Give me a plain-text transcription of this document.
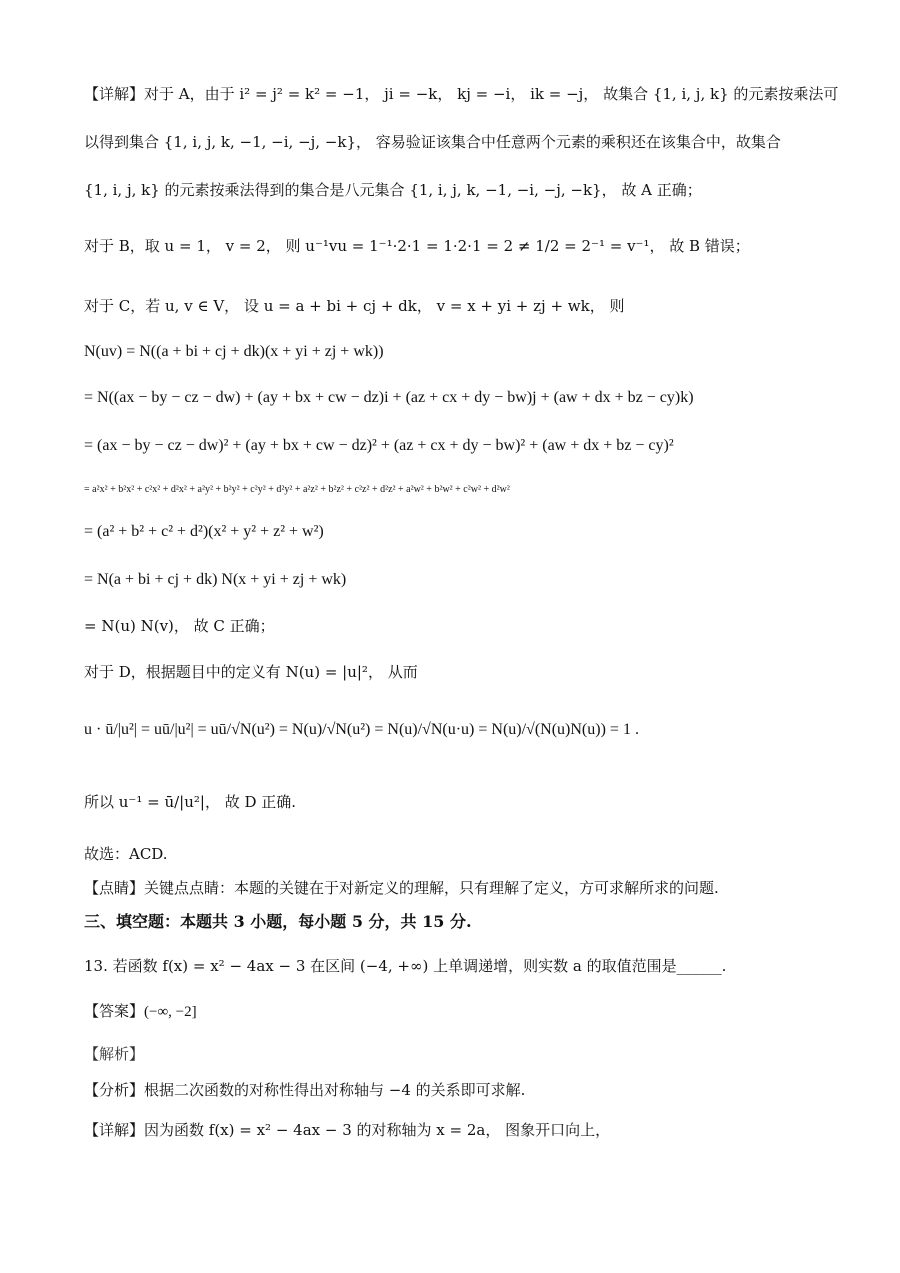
【详解】对于 A，由于 i² = j² = k² = −1， ji = −k， kj = −i， ik = −j， 故集合 {1, i, j, k} 的元素按乘法可
以得到集合 {1, i, j, k, −1, −i, −j, −k}， 容易验证该集合中任意两个元素的乘积还在该集合中，故集合
{1, i, j, k} 的元素按乘法得到的集合是八元集合 {1, i, j, k, −1, −i, −j, −k}， 故 A 正确；
对于 B，取 u = 1， v = 2， 则 u⁻¹vu = 1⁻¹·2·1 = 1·2·1 = 2 ≠ 1/2 = 2⁻¹ = v⁻¹， 故 B 错误；
对于 C，若 u, v ∈ V， 设 u = a + bi + cj + dk， v = x + yi + zj + wk， 则
N(uv) = N((a + bi + cj + dk)(x + yi + zj + wk))
= N((ax − by − cz − dw) + (ay + bx + cw − dz)i + (az + cx + dy − bw)j + (aw + dx + bz − cy)k)
= (ax − by − cz − dw)² + (ay + bx + cw − dz)² + (az + cx + dy − bw)² + (aw + dx + bz − cy)²
= a²x² + b²x² + c²x² + d²x² + a²y² + b²y² + c²y² + d²y² + a²z² + b²z² + c²z² + d²z² + a²w² + b²w² + c²w² + d²w²
= (a² + b² + c² + d²)(x² + y² + z² + w²)
= N(a + bi + cj + dk) N(x + yi + zj + wk)
= N(u) N(v)， 故 C 正确；
对于 D，根据题目中的定义有 N(u) = |u|²， 从而
u · ū/|u²| = uū/|u²| = uū/√N(u²) = N(u)/√N(u²) = N(u)/√N(u·u) = N(u)/√(N(u)N(u)) = 1 .
所以 u⁻¹ = ū/|u²|， 故 D 正确.
故选：ACD.
【点睛】关键点点睛：本题的关键在于对新定义的理解，只有理解了定义，方可求解所求的问题.
三、填空题：本题共 3 小题，每小题 5 分，共 15 分.
13. 若函数 f(x) = x² − 4ax − 3 在区间 (−4, +∞) 上单调递增，则实数 a 的取值范围是______.
【答案】(−∞, −2]
【解析】
【分析】根据二次函数的对称性得出对称轴与 −4 的关系即可求解.
【详解】因为函数 f(x) = x² − 4ax − 3 的对称轴为 x = 2a， 图象开口向上，
